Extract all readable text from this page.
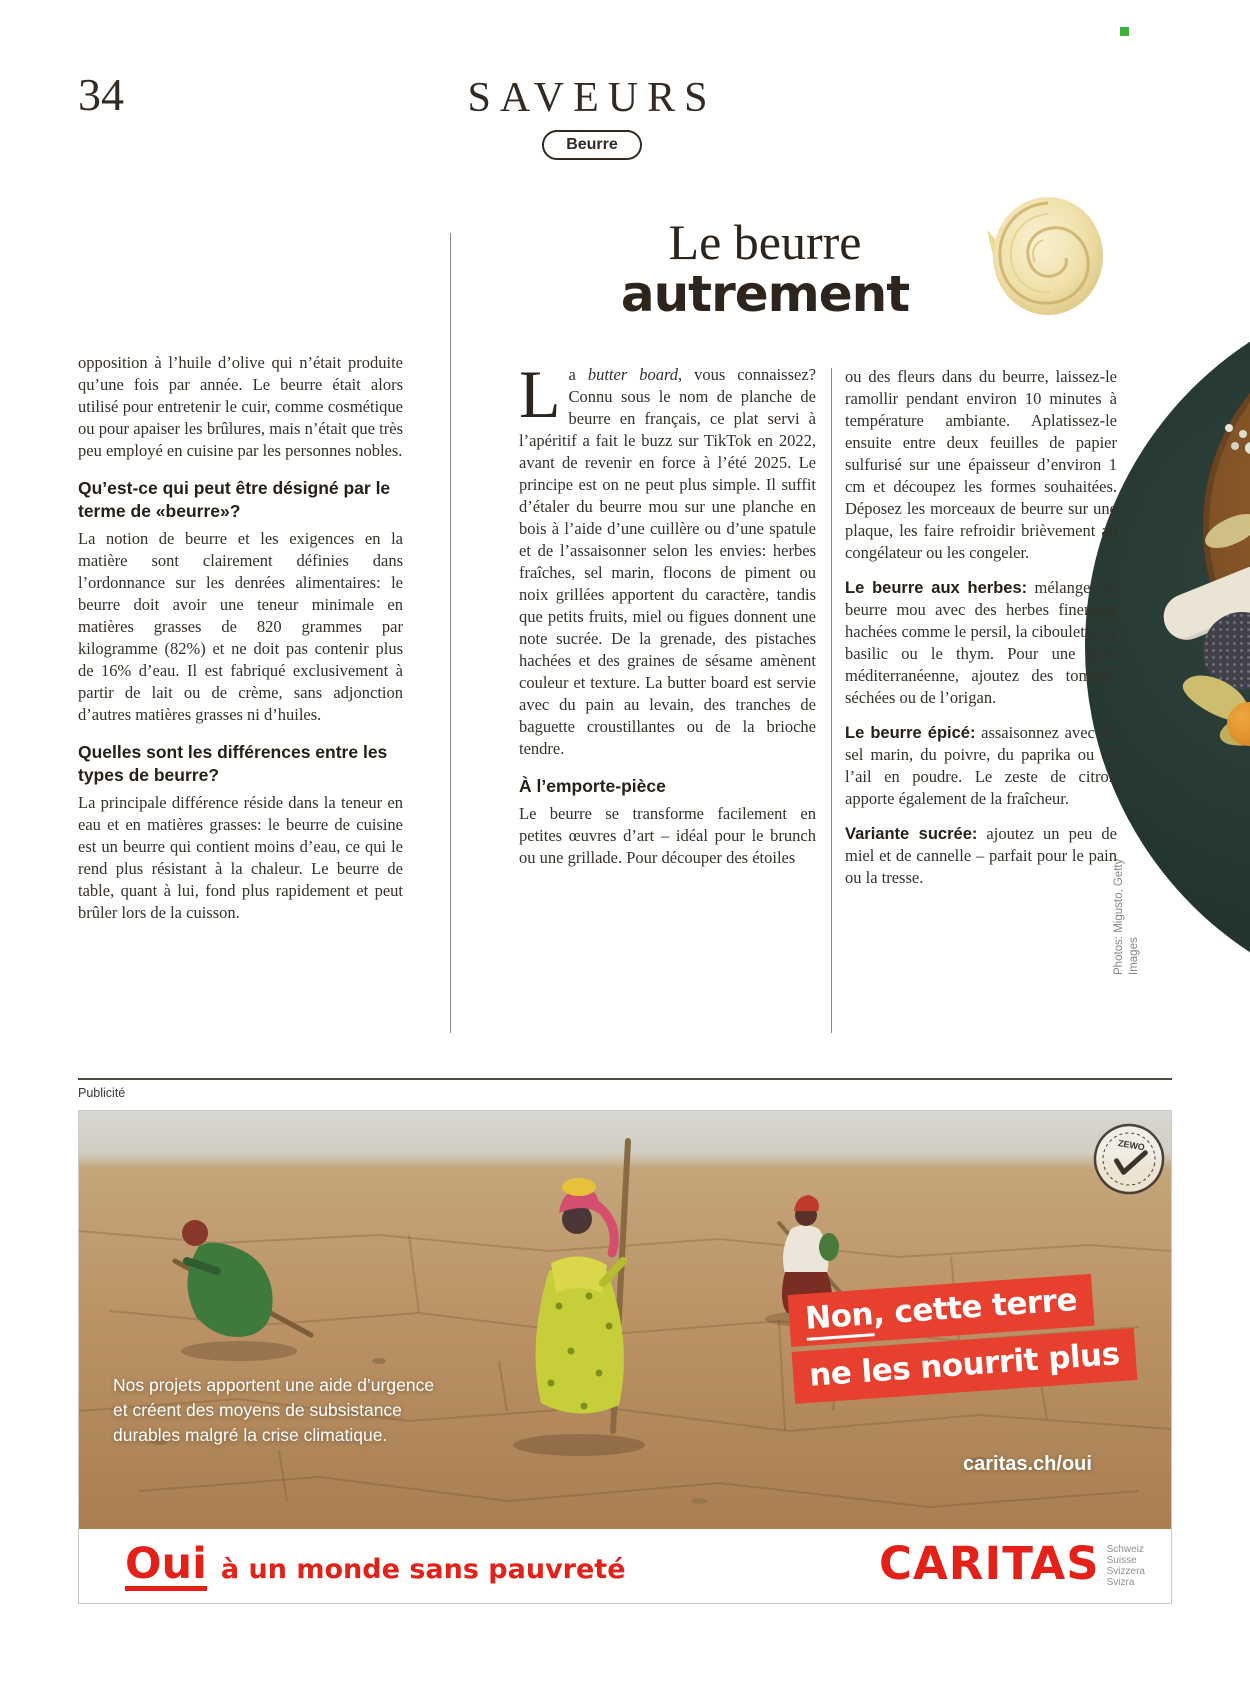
34	SAVEURS
Beurre
Le beurre
autrement
Photos: Migusto, Getty Images

opposition à l’huile d’olive qui n’était produite qu’une fois par année. Le beurre était alors utilisé pour entretenir le cuir, comme cosmétique ou pour apaiser les brûlures, mais n’était que très peu employé en cuisine par les personnes nobles.

Qu’est-ce qui peut être désigné par le terme de «beurre»?

La notion de beurre et les exigences en la matière sont clairement définies dans l’ordonnance sur les denrées alimentaires: le beurre doit avoir une teneur minimale en matières grasses de 820 grammes par kilogramme (82%) et ne doit pas contenir plus de 16% d’eau. Il est fabriqué exclusivement à partir de lait ou de crème, sans adjonction d’autres matières grasses ni d’huiles.

Quelles sont les différences entre les types de beurre?

La principale différence réside dans la teneur en eau et en matières grasses: le beurre de cuisine est un beurre qui contient moins d’eau, ce qui le rend plus résistant à la chaleur. Le beurre de table, quant à lui, fond plus rapidement et peut brûler lors de la cuisson.

La butter board, vous connaissez? Connu sous le nom de planche de beurre en français, ce plat servi à l’apéritif a fait le buzz sur TikTok en 2022, avant de revenir en force à l’été 2025. Le principe est on ne peut plus simple. Il suffit d’étaler du beurre mou sur une planche en bois à l’aide d’une cuillère ou d’une spatule et de l’assaisonner selon les envies: herbes fraîches, sel marin, flocons de piment ou noix grillées apportent du caractère, tandis que petits fruits, miel ou figues donnent une note sucrée. De la grenade, des pistaches hachées et des graines de sésame amènent couleur et texture. La butter board est servie avec du pain au levain, des tranches de baguette croustillantes ou de la brioche tendre.

À l’emporte-pièce

Le beurre se transforme facilement en petites œuvres d’art – idéal pour le brunch ou une grillade. Pour découper des étoiles

ou des fleurs dans du beurre, laissez-le ramollir pendant environ 10 minutes à température ambiante. Aplatissez-le ensuite entre deux feuilles de papier sulfurisé sur une épaisseur d’environ 1 cm et découpez les formes souhaitées. Déposez les morceaux de beurre sur une plaque, les faire refroidir brièvement au congélateur ou les congeler.

Le beurre aux herbes: mélangez le beurre mou avec des herbes finement hachées comme le persil, la ciboulette, le basilic ou le thym. Pour une note méditerranéenne, ajoutez des tomates séchées ou de l’origan.

Le beurre épicé: assaisonnez avec du sel marin, du poivre, du paprika ou de l’ail en poudre. Le zeste de citron apporte également de la fraîcheur.

Variante sucrée: ajoutez un peu de miel et de cannelle – parfait pour le pain ou la tresse.

Publicité
ZEWO
Nos projets apportent une aide d’urgence
et créent des moyens de subsistance
durables malgré la crise climatique.
Non, cette terre
ne les nourrit plus
caritas.ch/oui
Oui à un monde sans pauvreté	CARITAS Schweiz
Suisse
Svizzera
Svizra
